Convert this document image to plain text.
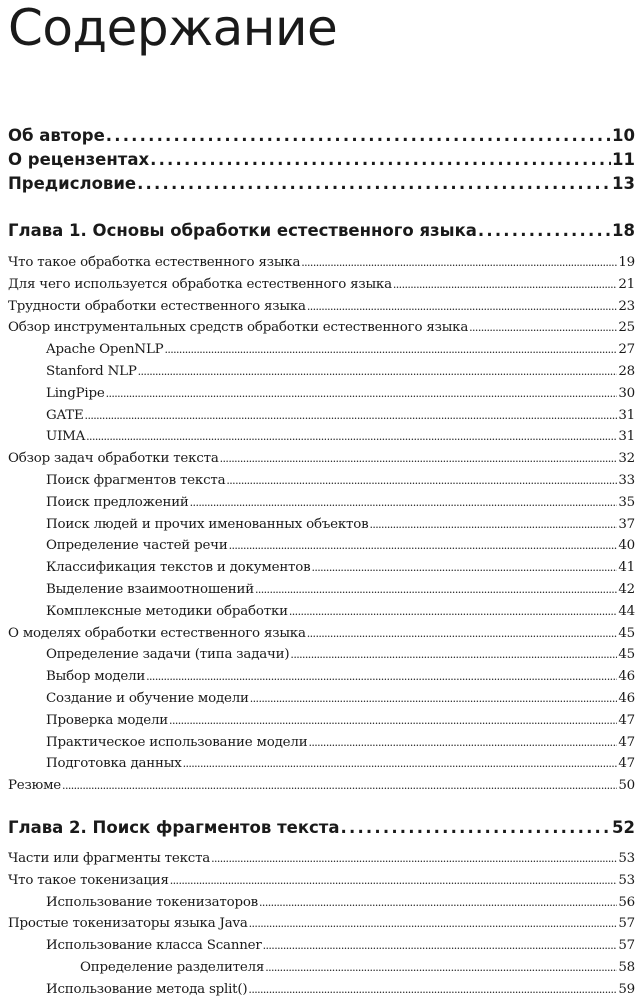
Содержание
Об авторе .....	10
О рецензентах .....	11
Предисловие .....	13
Глава 1. Основы обработки естественного языка .....	18
Что такое обработка естественного языка .....	19
Для чего используется обработка естественного языка .....	21
Трудности обработки естественного языка .....	23
Обзор инструментальных средств обработки естественного языка .....	25
Apache OpenNLP .....	27
Stanford NLP .....	28
LingPipe .....	30
GATE .....	31
UIMA .....	31
Обзор задач обработки текста .....	32
Поиск фрагментов текста .....	33
Поиск предложений .....	35
Поиск людей и прочих именованных объектов .....	37
Определение частей речи .....	40
Классификация текстов и документов .....	41
Выделение взаимоотношений .....	42
Комплексные методики обработки .....	44
О моделях обработки естественного языка .....	45
Определение задачи (типа задачи) .....	45
Выбор модели .....	46
Создание и обучение модели .....	46
Проверка модели .....	47
Практическое использование модели .....	47
Подготовка данных .....	47
Резюме .....	50
Глава 2. Поиск фрагментов текста .....	52
Части или фрагменты текста .....	53
Что такое токенизация .....	53
Использование токенизаторов .....	56
Простые токенизаторы языка Java .....	57
Использование класса Scanner .....	57
Определение разделителя .....	58
Использование метода split() .....	59
